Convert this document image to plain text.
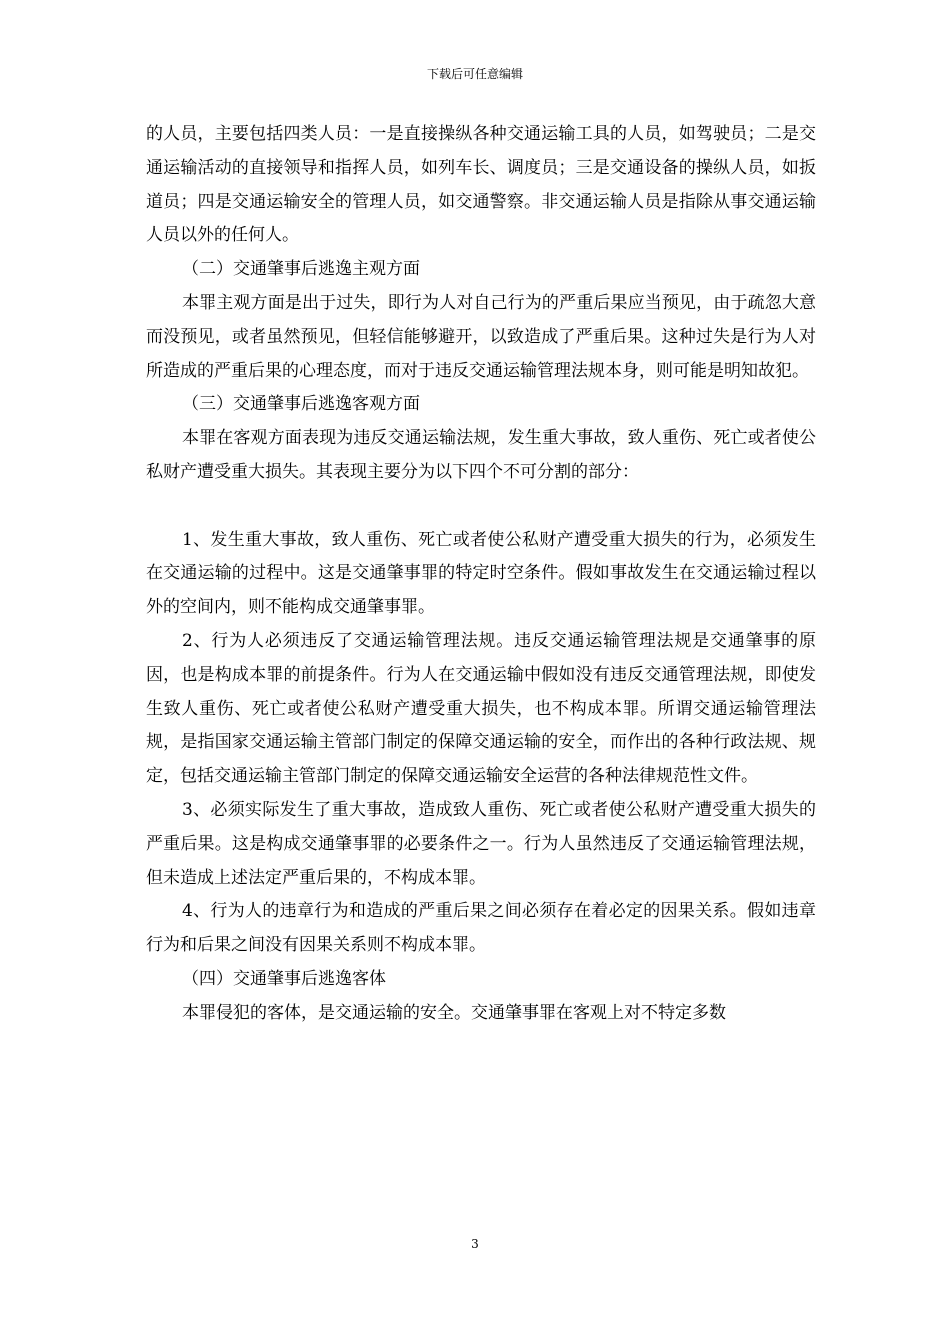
下载后可任意编辑

的人员，主要包括四类人员：一是直接操纵各种交通运输工具的人员，如驾驶员；二是交通运输活动的直接领导和指挥人员，如列车长、调度员；三是交通设备的操纵人员，如扳道员；四是交通运输安全的管理人员，如交通警察。非交通运输人员是指除从事交通运输人员以外的任何人。

（二）交通肇事后逃逸主观方面

本罪主观方面是出于过失，即行为人对自己行为的严重后果应当预见，由于疏忽大意而没预见，或者虽然预见，但轻信能够避开，以致造成了严重后果。这种过失是行为人对所造成的严重后果的心理态度，而对于违反交通运输管理法规本身，则可能是明知故犯。

（三）交通肇事后逃逸客观方面

本罪在客观方面表现为违反交通运输法规，发生重大事故，致人重伤、死亡或者使公私财产遭受重大损失。其表现主要分为以下四个不可分割的部分：

1、发生重大事故，致人重伤、死亡或者使公私财产遭受重大损失的行为，必须发生在交通运输的过程中。这是交通肇事罪的特定时空条件。假如事故发生在交通运输过程以外的空间内，则不能构成交通肇事罪。

2、行为人必须违反了交通运输管理法规。违反交通运输管理法规是交通肇事的原因，也是构成本罪的前提条件。行为人在交通运输中假如没有违反交通管理法规，即使发生致人重伤、死亡或者使公私财产遭受重大损失，也不构成本罪。所谓交通运输管理法规，是指国家交通运输主管部门制定的保障交通运输的安全，而作出的各种行政法规、规定，包括交通运输主管部门制定的保障交通运输安全运营的各种法律规范性文件。

3、必须实际发生了重大事故，造成致人重伤、死亡或者使公私财产遭受重大损失的严重后果。这是构成交通肇事罪的必要条件之一。行为人虽然违反了交通运输管理法规，但未造成上述法定严重后果的，不构成本罪。

4、行为人的违章行为和造成的严重后果之间必须存在着必定的因果关系。假如违章行为和后果之间没有因果关系则不构成本罪。

（四）交通肇事后逃逸客体

本罪侵犯的客体，是交通运输的安全。交通肇事罪在客观上对不特定多数

3
